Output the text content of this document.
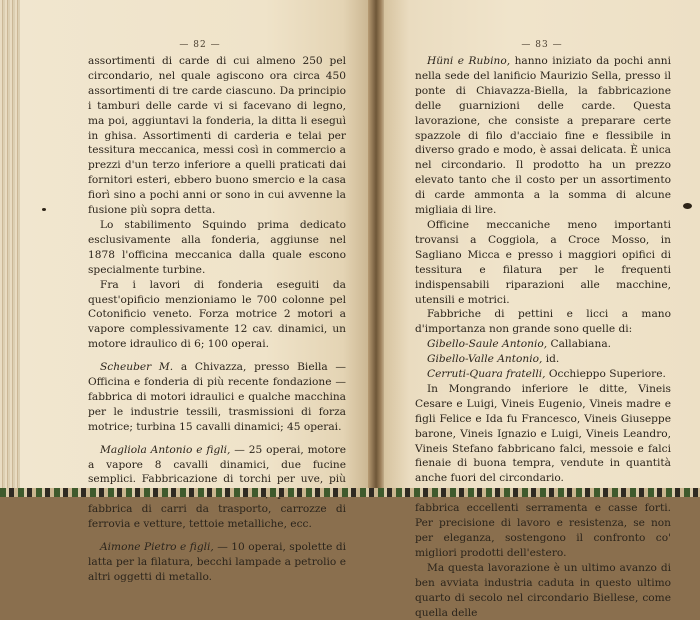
— 82 —

assortimenti di carde di cui almeno 250 pel circondario, nel quale agiscono ora circa 450 assortimenti di tre carde ciascuno. Da principio i tamburi delle carde vi si facevano di legno, ma poi, aggiuntavi la fonderia, la ditta li eseguì in ghisa. Assortimenti di carderia e telai per tessitura meccanica, messi così in commercio a prezzi d'un terzo inferiore a quelli praticati dai fornitori esteri, ebbero buono smercio e la casa fiorì sino a pochi anni or sono in cui avvenne la fusione più sopra detta.

Lo stabilimento Squindo prima dedicato esclusivamente alla fonderia, aggiunse nel 1878 l'officina meccanica dalla quale escono specialmente turbine.

Fra i lavori di fonderia eseguiti da quest'opificio menzioniamo le 700 colonne pel Cotonificio veneto. Forza motrice 2 motori a vapore complessivamente 12 cav. dinamici, un motore idraulico di 6; 100 operai.

Scheuber M. a Chivazza, presso Biella — Officina e fonderia di più recente fondazione — fabbrica di motori idraulici e qualche macchina per le industrie tessili, trasmissioni di forza motrice; turbina 15 cavalli dinamici; 45 operai.

Magliola Antonio e figli, — 25 operai, motore a vapore 8 cavalli dinamici, due fucine semplici. Fabbricazione di torchi per uve, più fabbrica di carri da trasporto, carrozze di ferrovia e vetture, tettoie metalliche, ecc.

Aimone Pietro e figli, — 10 operai, spolette di latta per la filatura, becchi lampade a petrolio e altri oggetti di metallo.

— 83 —

Hüni e Rubino, hanno iniziato da pochi anni nella sede del lanificio Maurizio Sella, presso il ponte di Chiavazza-Biella, la fabbricazione delle guarnizioni delle carde. Questa lavorazione, che consiste a preparare certe spazzole di filo d'acciaio fine e flessibile in diverso grado e modo, è assai delicata. È unica nel circondario. Il prodotto ha un prezzo elevato tanto che il costo per un assortimento di carde ammonta a la somma di alcune migliaia di lire.

Officine meccaniche meno importanti trovansi a Coggiola, a Croce Mosso, in Sagliano Micca e presso i maggiori opifici di tessitura e filatura per le frequenti indispensabili riparazioni alle macchine, utensili e motrici.

Fabbriche di pettini e licci a mano d'importanza non grande sono quelle di:

Gibello-Saule Antonio, Callabiana.

Gibello-Valle Antonio, id.

Cerruti-Quara fratelli, Occhieppo Superiore.

In Mongrando inferiore le ditte, Vineis Cesare e Luigi, Vineis Eugenio, Vineis madre e figli Felice e Ida fu Francesco, Vineis Giuseppe barone, Vineis Ignazio e Luigi, Vineis Leandro, Vineis Stefano fabbricano falci, messoie e falci fienaie di buona tempra, vendute in quantità anche fuori del circondario.

fabbrica eccellenti serramenta e casse forti. Per precisione di lavoro e resistenza, se non per eleganza, sostengono il confronto co' migliori prodotti dell'estero.

Ma questa lavorazione è un ultimo avanzo di ben avviata industria caduta in questo ultimo quarto di secolo nel circondario Biellese, come quella delle
